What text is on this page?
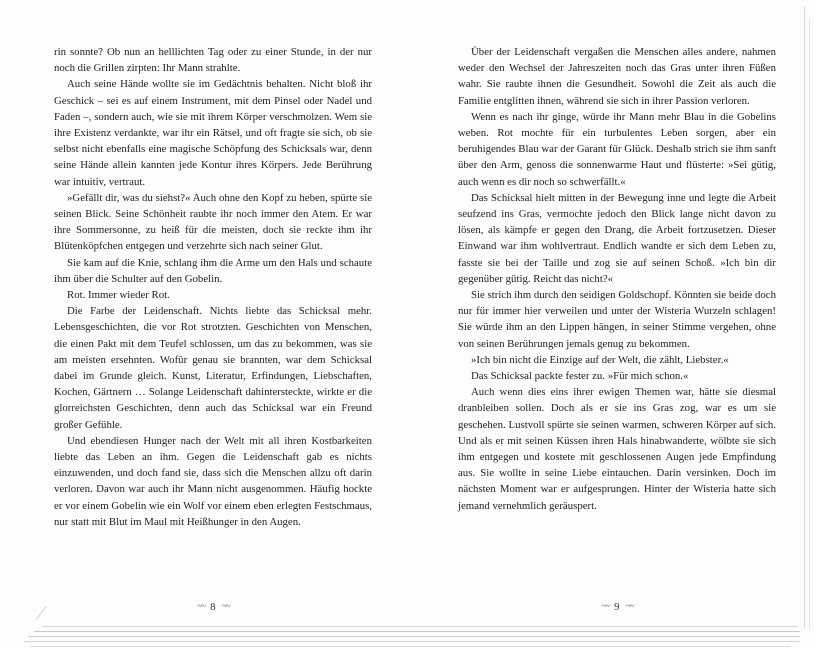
rin sonnte? Ob nun an helllichten Tag oder zu einer Stunde, in der nur noch die Grillen zirpten: Ihr Mann strahlte.

Auch seine Hände wollte sie im Gedächtnis behalten. Nicht bloß ihr Geschick – sei es auf einem Instrument, mit dem Pinsel oder Nadel und Faden –, sondern auch, wie sie mit ihrem Körper verschmolzen. Wem sie ihre Existenz verdankte, war ihr ein Rätsel, und oft fragte sie sich, ob sie selbst nicht ebenfalls eine magische Schöpfung des Schicksals war, denn seine Hände allein kannten jede Kontur ihres Körpers. Jede Berührung war intuitiv, vertraut.

»Gefällt dir, was du siehst?« Auch ohne den Kopf zu heben, spürte sie seinen Blick. Seine Schönheit raubte ihr noch immer den Atem. Er war ihre Sommersonne, zu heiß für die meisten, doch sie reckte ihm ihr Blütenköpfchen entgegen und verzehrte sich nach seiner Glut.

Sie kam auf die Knie, schlang ihm die Arme um den Hals und schaute ihm über die Schulter auf den Gobelin.

Rot. Immer wieder Rot.

Die Farbe der Leidenschaft. Nichts liebte das Schicksal mehr. Lebensgeschichten, die vor Rot strotzten. Geschichten von Menschen, die einen Pakt mit dem Teufel schlossen, um das zu bekommen, was sie am meisten ersehnten. Wofür genau sie brannten, war dem Schicksal dabei im Grunde gleich. Kunst, Literatur, Erfindungen, Liebschaften, Kochen, Gärtnern … Solange Leidenschaft dahintersteckte, wirkte er die glorreichsten Geschichten, denn auch das Schicksal war ein Freund großer Gefühle.

Und ebendiesen Hunger nach der Welt mit all ihren Kostbarkeiten liebte das Leben an ihm. Gegen die Leidenschaft gab es nichts einzuwenden, und doch fand sie, dass sich die Menschen allzu oft darin verloren. Davon war auch ihr Mann nicht ausgenommen. Häufig hockte er vor einem Gobelin wie ein Wolf vor einem eben erlegten Festschmaus, nur statt mit Blut im Maul mit Heißhunger in den Augen.

~~ 8 ~~

Über der Leidenschaft vergaßen die Menschen alles andere, nahmen weder den Wechsel der Jahreszeiten noch das Gras unter ihren Füßen wahr. Sie raubte ihnen die Gesundheit. Sowohl die Zeit als auch die Familie entglitten ihnen, während sie sich in ihrer Passion verloren.

Wenn es nach ihr ginge, würde ihr Mann mehr Blau in die Gobelins weben. Rot mochte für ein turbulentes Leben sorgen, aber ein beruhigendes Blau war der Garant für Glück. Deshalb strich sie ihm sanft über den Arm, genoss die sonnenwarme Haut und flüsterte: »Sei gütig, auch wenn es dir noch so schwerfällt.«

Das Schicksal hielt mitten in der Bewegung inne und legte die Arbeit seufzend ins Gras, vermochte jedoch den Blick lange nicht davon zu lösen, als kämpfe er gegen den Drang, die Arbeit fortzusetzen. Dieser Einwand war ihm wohlvertraut. Endlich wandte er sich dem Leben zu, fasste sie bei der Taille und zog sie auf seinen Schoß. »Ich bin dir gegenüber gütig. Reicht das nicht?«

Sie strich ihm durch den seidigen Goldschopf. Könnten sie beide doch nur für immer hier verweilen und unter der Wisteria Wurzeln schlagen! Sie würde ihm an den Lippen hängen, in seiner Stimme vergehen, ohne von seinen Berührungen jemals genug zu bekommen.

»Ich bin nicht die Einzige auf der Welt, die zählt, Liebster.«

Das Schicksal packte fester zu. »Für mich schon.«

Auch wenn dies eins ihrer ewigen Themen war, hätte sie diesmal dranbleiben sollen. Doch als er sie ins Gras zog, war es um sie geschehen. Lustvoll spürte sie seinen warmen, schweren Körper auf sich. Und als er mit seinen Küssen ihren Hals hinabwanderte, wölbte sie sich ihm entgegen und kostete mit geschlossenen Augen jede Empfindung aus. Sie wollte in seine Liebe eintauchen. Darin versinken. Doch im nächsten Moment war er aufgesprungen. Hinter der Wisteria hatte sich jemand vernehmlich geräuspert.

~~ 9 ~~
